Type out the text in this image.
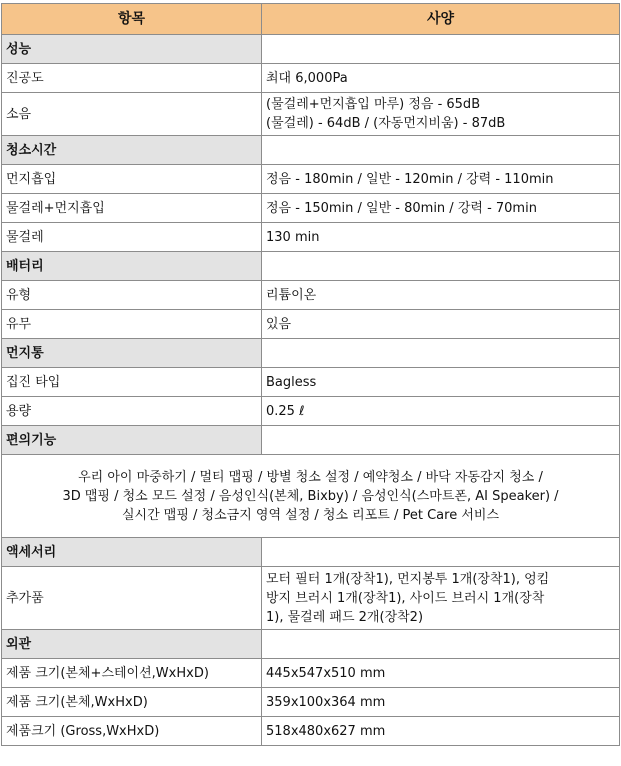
항목	사양
성능	
진공도	최대 6,000Pa
소음	(물걸레+먼지흡입 마루) 정음 - 65dB
(물걸레) - 64dB / (자동먼지비움) - 87dB

청소시간	
먼지흡입	정음 - 180min / 일반 - 120min / 강력 - 110min
물걸레+먼지흡입	정음 - 150min / 일반 - 80min / 강력 - 70min
물걸레	130 min
배터리	
유형	리튬이온
유무	있음
먼지통	
집진 타입	Bagless
용량	0.25 ℓ
편의기능	

우리 아이 마중하기 / 멀티 맵핑 / 방별 청소 설정 / 예약청소 / 바닥 자동감지 청소 /
3D 맵핑 / 청소 모드 설정 / 음성인식(본체, Bixby) / 음성인식(스마트폰, AI Speaker) /
실시간 맵핑 / 청소금지 영역 설정 / 청소 리포트 / Pet Care 서비스	

액세서리	
추가품	모터 필터 1개(장착1), 먼지봉투 1개(장착1), 엉킴
방지 브러시 1개(장착1), 사이드 브러시 1개(장착
1), 물걸레 패드 2개(장착2)

외관	
제품 크기(본체+스테이션,WxHxD)	445x547x510 mm
제품 크기(본체,WxHxD)	359x100x364 mm
제품크기 (Gross,WxHxD)	518x480x627 mm
